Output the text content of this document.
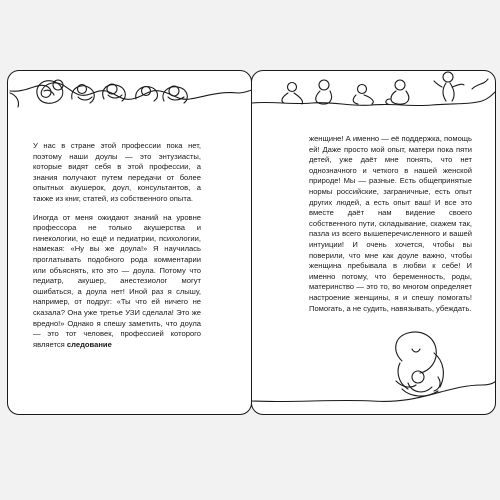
У нас в стране этой профессии пока нет, поэтому наши доулы — это энтузиасты, которые видят себя в этой профессии, а знания получают путем передачи от более опытных акушерок, доул, консультантов, а также из книг, статей, из собственного опыта.

Иногда от меня ожидают знаний на уровне профессора не только акушерства и гинекологии, но ещё и педиатрии, психологии, намекая: «Ну вы же доула!» Я научилась проглатывать подобного рода комментарии или объяснять, кто это — доула. Потому что педиатр, акушер, анестезиолог могут ошибаться, а доула нет! Иной раз я слышу, например, от подруг: «Ты что ей ничего не сказала? Она уже третье УЗИ сделала! Это же вредно!» Однако я спешу заметить, что доула — это тот человек, профессией которого является следование

женщине! А именно — её поддержка, помощь ей! Даже просто мой опыт, матери пока пяти детей, уже даёт мне понять, что нет однозначного и четкого в нашей женской природе! Мы — разные. Есть общепринятые нормы российские, заграничные, есть опыт других людей, а есть опыт ваш! И все это вместе даёт нам видение своего собственного пути, складывание, скажем так, пазла из всего вышеперечисленного и вашей интуиции! И очень хочется, чтобы вы поверили, что мне как доуле важно, чтобы женщина пребывала в любви к себе! И именно потому, что беременность, роды, материнство — это то, во многом определяет настроение женщины, я и спешу помогать! Помогать, а не судить, навязывать, убеждать.
